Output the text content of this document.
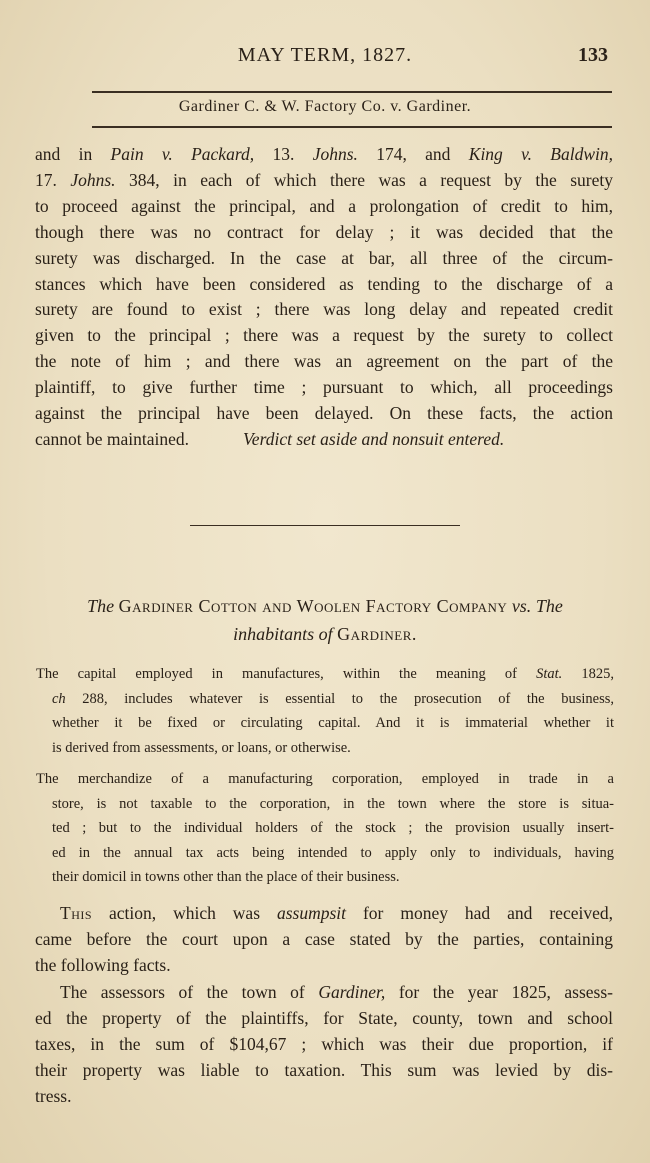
MAY TERM, 1827.	133
Gardiner C. & W. Factory Co. v. Gardiner.
and in Pain v. Packard, 13. Johns. 174, and King v. Baldwin,
17. Johns. 384, in each of which there was a request by the surety
to proceed against the principal, and a prolongation of credit to him,
though there was no contract for delay ; it was decided that the
surety was discharged. In the case at bar, all three of the circum-
stances which have been considered as tending to the discharge of a
surety are found to exist ; there was long delay and repeated credit
given to the principal ; there was a request by the surety to collect
the note of him ; and there was an agreement on the part of the
plaintiff, to give further time ; pursuant to which, all proceedings
against the principal have been delayed. On these facts, the action
cannot be maintained.	Verdict set aside and nonsuit entered.
The Gardiner Cotton and Woolen Factory Company vs. The
inhabitants of Gardiner.
The capital employed in manufactures, within the meaning of Stat. 1825,
ch 288, includes whatever is essential to the prosecution of the business,
whether it be fixed or circulating capital. And it is immaterial whether it
is derived from assessments, or loans, or otherwise.
The merchandize of a manufacturing corporation, employed in trade in a
store, is not taxable to the corporation, in the town where the store is situa-
ted ; but to the individual holders of the stock ; the provision usually insert-
ed in the annual tax acts being intended to apply only to individuals, having
their domicil in towns other than the place of their business.
This action, which was assumpsit for money had and received,
came before the court upon a case stated by the parties, containing
the following facts.
The assessors of the town of Gardiner, for the year 1825, assess-
ed the property of the plaintiffs, for State, county, town and school
taxes, in the sum of $104,67 ; which was their due proportion, if
their property was liable to taxation. This sum was levied by dis-
tress.
